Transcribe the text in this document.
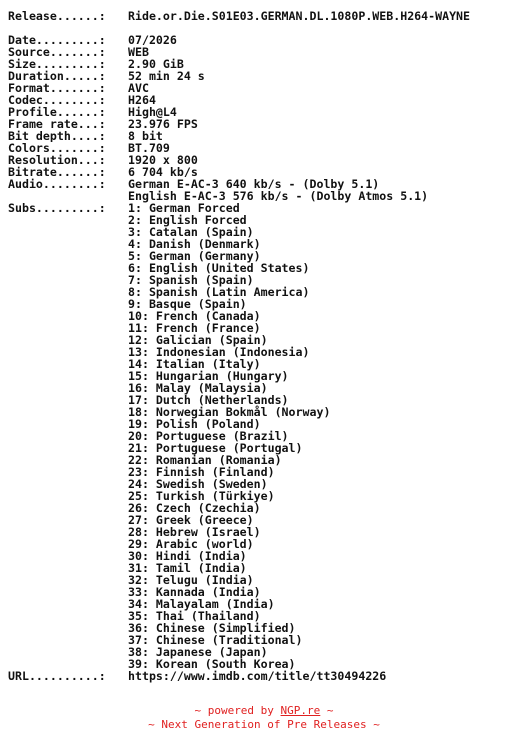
Release......:	Ride.or.Die.S01E03.GERMAN.DL.1080P.WEB.H264-WAYNE
Date.........:	07/2026
Source.......:	WEB
Size.........:	2.90 GiB
Duration.....:	52 min 24 s
Format.......:	AVC
Codec........:	H264
Profile......:	High@L4
Frame rate...:	23.976 FPS
Bit depth....:	8 bit
Colors.......:	BT.709
Resolution...:	1920 x 800
Bitrate......:	6 704 kb/s
Audio........:	German E-AC-3 640 kb/s - (Dolby 5.1)
English E-AC-3 576 kb/s - (Dolby Atmos 5.1)
Subs.........:	1: German Forced
2: English Forced
3: Catalan (Spain)
4: Danish (Denmark)
5: German (Germany)
6: English (United States)
7: Spanish (Spain)
8: Spanish (Latin America)
9: Basque (Spain)
10: French (Canada)
11: French (France)
12: Galician (Spain)
13: Indonesian (Indonesia)
14: Italian (Italy)
15: Hungarian (Hungary)
16: Malay (Malaysia)
17: Dutch (Netherlands)
18: Norwegian Bokmål (Norway)
19: Polish (Poland)
20: Portuguese (Brazil)
21: Portuguese (Portugal)
22: Romanian (Romania)
23: Finnish (Finland)
24: Swedish (Sweden)
25: Turkish (Türkiye)
26: Czech (Czechia)
27: Greek (Greece)
28: Hebrew (Israel)
29: Arabic (world)
30: Hindi (India)
31: Tamil (India)
32: Telugu (India)
33: Kannada (India)
34: Malayalam (India)
35: Thai (Thailand)
36: Chinese (Simplified)
37: Chinese (Traditional)
38: Japanese (Japan)
39: Korean (South Korea)
URL..........:	https://www.imdb.com/title/tt30494226
~ powered by NGP.re ~
~ Next Generation of Pre Releases ~
